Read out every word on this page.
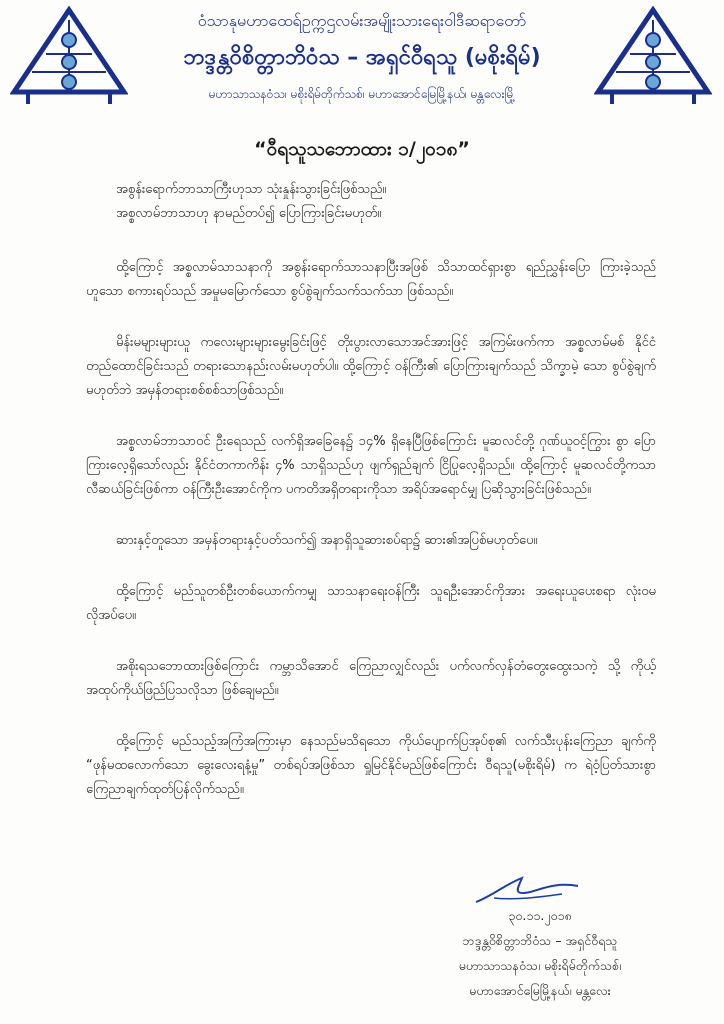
ဝံသာနုမဟာထေရ်ဥက္ကဌလမ်းအမျိုးသားရေးဝါဒီဆရာတော်
ဘဒ္ဒန္တဝိစိတ္တာဘိဝံသ – အရှင်ဝီရသူ (မစိုးရိမ်)
မဟာသာသနဝံသ၊ မစိုးရိမ်တိုက်သစ်၊ မဟာအောင်မြေမြို့နယ်၊ မန္တလေးမြို့
“ဝီရသူသဘောထား ၁/၂၀၁၈”

အစွန်းရောက်ဘာသာကြီးဟုသာ သုံးနှုန်းသွားခြင်းဖြစ်သည်။

အစ္စလာမ်ဘာသာဟု နာမည်တပ်၍ ပြောကြားခြင်းမဟုတ်။

ထို့ကြောင့် အစ္စလာမ်သာသနာကို အစွန်းရောက်သာသနာပြီးအဖြစ် သိသာထင်ရှားစွာ ရည်ညွှန်းပြော ကြားခဲ့သည်ဟူသော စကားရပ်သည် အမှုမမြောက်သော စွပ်စွဲချက်သက်သက်သာ ဖြစ်သည်။

မိန်းမများများယူ ကလေးများများမွေးခြင်းဖြင့် တိုးပွားလာသောအင်အားဖြင့် အကြမ်းဖက်ကာ အစ္စလာမ်မစ် နိုင်ငံတည်ထောင်ခြင်းသည် တရားသောနည်းလမ်းမဟုတ်ပါ။ ထို့ကြောင့် ဝန်ကြီး၏ ပြောကြားချက်သည် သိက္ခာမဲ့ သော စွပ်စွဲချက်မဟုတ်ဘဲ အမှန်တရားစစ်စစ်သာဖြစ်သည်။

အစ္စလာမ်ဘာသာဝင် ဦးရေသည် လက်ရှိအခြေနေ၌ ၁၄% ရှိနေပြီဖြစ်ကြောင်း မူဆလင်တို့ ဂုဏ်ယူဝင့်ကြွား စွာ ပြောကြားလေ့ရှိသော်လည်း နိုင်ငံတကာကိန်း ၄% သာရှိသည်ဟု ဖျက်ရှည်ချက် ငြိပြုလေ့ရှိသည်။ ထို့ကြောင့် မူဆလင်တို့ကသာ လီဆယ်ခြင်းဖြစ်ကာ ဝန်ကြီးဦးအောင်ကိုက ပကတိအရှိတရားကိုသာ အရိပ်အရောင်မျှ ပြဆိုသွားခြင်းဖြစ်သည်။

ဆားနှင့်တူသော အမှန်တရားနှင့်ပတ်သက်၍ အနာရှိသူဆားစပ်ရာ၌ ဆား၏အပြစ်မဟုတ်ပေ။

ထို့ကြောင့် မည်သူတစ်ဦးတစ်ယောက်ကမျှ သာသနာရေးဝန်ကြီး သူရဦးအောင်ကိုအား အရေးယူပေးစရာ လုံးဝမလိုအပ်ပေ။

အစိုးရသဘောထားဖြစ်ကြောင်း ကမ္ဘာသိအောင် ကြေညာလျှင်လည်း ပက်လက်လှန်တံတွေးထွေးသကဲ့ သို့ ကိုယ့်အထုပ်ကိုယ်ဖြည်ပြသလိုသာ ဖြစ်ချေမည်။

ထို့ကြောင့် မည်သည့်အကြံအကြားမှာ နေသည်မသိရသော ကိုယ်ပျောက်ပြအုပ်စု၏ လက်သီးပုန်းကြေညာ ချက်ကို “ဖုန်မထလောက်သော ခွေးလေးရနံ့မှု” တစ်ရပ်အဖြစ်သာ ရှုမြင်နိုင်မည်ဖြစ်ကြောင်း ဝီရသူ(မစိုးရိမ်) က ရဲဝံ့ပြတ်သားစွာ ကြေညာချက်ထုတ်ပြန်လိုက်သည်။

၃၀.၁၁.၂၀၁၈
ဘဒ္ဒန္တဝိစိတ္တာဘိဝံသ – အရှင်ဝီရသူ
မဟာသာသနဝံသ၊ မစိုးရိမ်တိုက်သစ်၊
မဟာအောင်မြေမြို့နယ်၊ မန္တလေး
